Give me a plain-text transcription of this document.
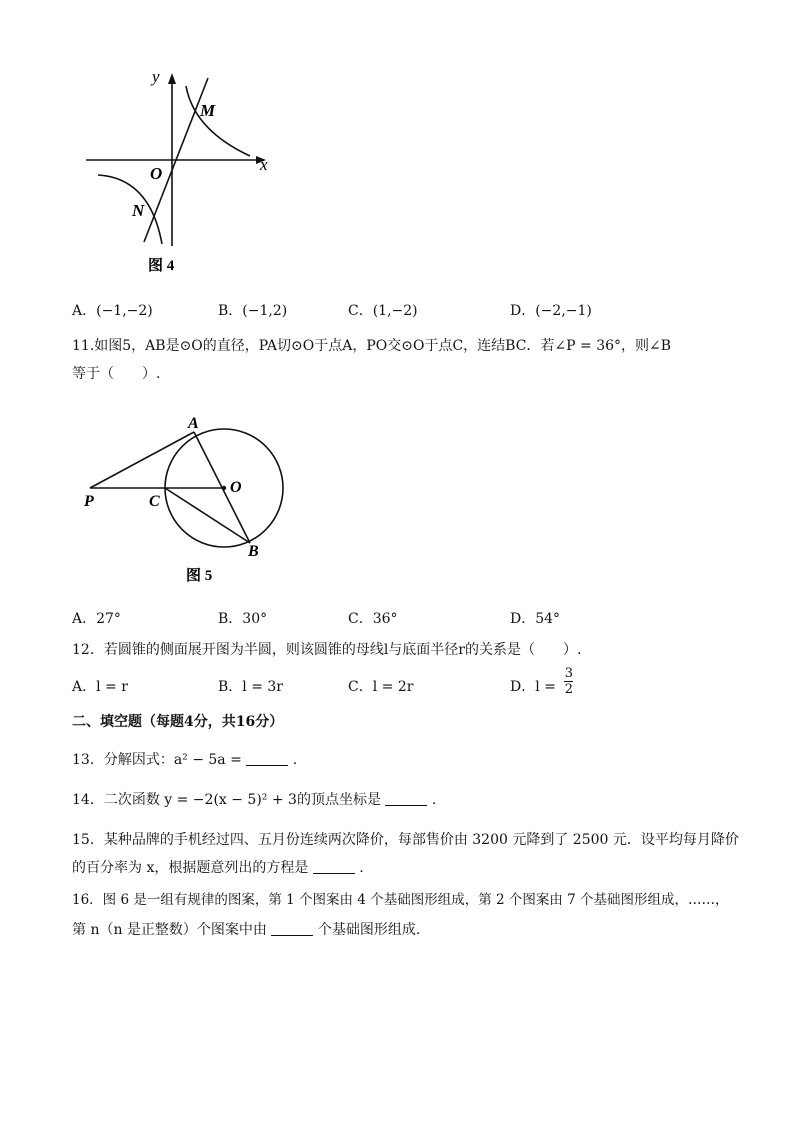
y
x
O
M
N
图 4
A．(−1,−2)	B．(−1,2)	C．(1,−2)	D．(−2,−1)
11.如图5，AB是⊙O的直径，PA切⊙O于点A，PO交⊙O于点C，连结BC．若∠P = 36°，则∠B
等于（　　）.
A
B
C
O
P
图 5
A．27°	B．30°	C．36°	D．54°
12．若圆锥的侧面展开图为半圆，则该圆锥的母线l与底面半径r的关系是（　　）.
A．l = r	B．l = 3r	C．l = 2r	D．$l = \frac{3}{2}$
二、填空题（每题4分，共16分）
13．分解因式：a² − 5a =	.
14．二次函数 y = −2(x − 5)² + 3的顶点坐标是	.
15．某种品牌的手机经过四、五月份连续两次降价，每部售价由 3200 元降到了 2500 元．设平均每月降价
的百分率为 x，根据题意列出的方程是	.
16．图 6 是一组有规律的图案，第 1 个图案由 4 个基础图形组成，第 2 个图案由 7 个基础图形组成，……，
第 n（n 是正整数）个图案中由	个基础图形组成.
